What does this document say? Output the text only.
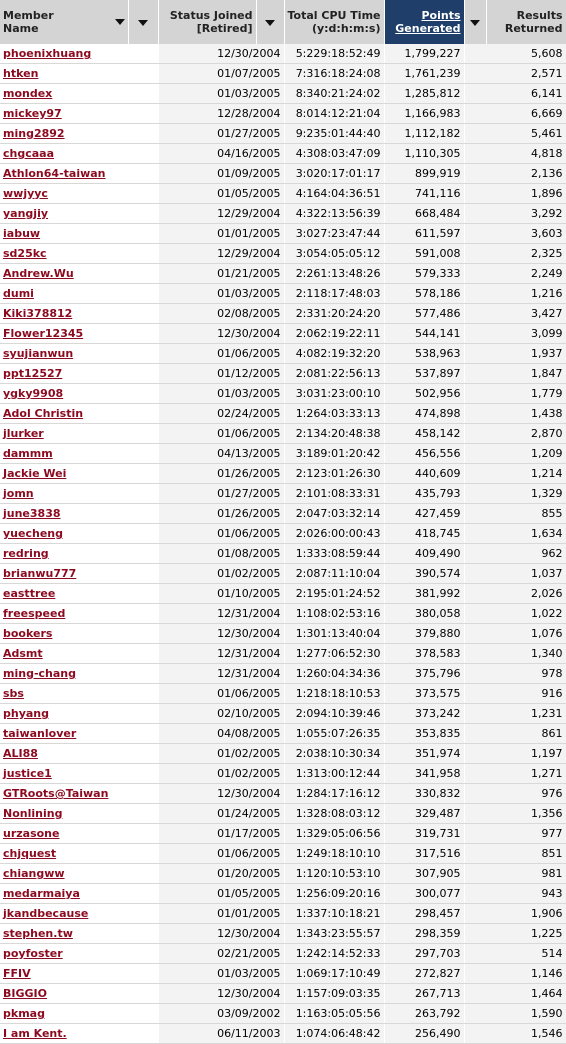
Member Name		Status Joined [Retired]		Total CPU Time (y:d:h:m:s)	Points Generated		Results Returned
phoenixhuang		12/30/2004		5:229:18:52:49	1,799,227	5,608	
htken		01/07/2005		7:316:18:24:08	1,761,239	2,571	
mondex		01/03/2005		8:340:21:24:02	1,285,812	6,141	
mickey97		12/28/2004		8:014:12:21:04	1,166,983	6,669	
ming2892		01/27/2005		9:235:01:44:40	1,112,182	5,461	
chgcaaa		04/16/2005		4:308:03:47:09	1,110,305	4,818	
Athlon64-taiwan		01/09/2005		3:020:17:01:17	899,919	2,136	
wwjyyc		01/05/2005		4:164:04:36:51	741,116	1,896	
yangjiy		12/29/2004		4:322:13:56:39	668,484	3,292	
iabuw		01/01/2005		3:027:23:47:44	611,597	3,603	
sd25kc		12/29/2004		3:054:05:05:12	591,008	2,325	
Andrew.Wu		01/21/2005		2:261:13:48:26	579,333	2,249	
dumi		01/03/2005		2:118:17:48:03	578,186	1,216	
Kiki378812		02/08/2005		2:331:20:24:20	577,486	3,427	
Flower12345		12/30/2004		2:062:19:22:11	544,141	3,099	
syujianwun		01/06/2005		4:082:19:32:20	538,963	1,937	
ppt12527		01/12/2005		2:081:22:56:13	537,897	1,847	
ygky9908		01/03/2005		3:031:23:00:10	502,956	1,779	
Adol Christin		02/24/2005		1:264:03:33:13	474,898	1,438	
jlurker		01/06/2005		2:134:20:48:38	458,142	2,870	
dammm		04/13/2005		3:189:01:20:42	456,556	1,209	
Jackie Wei		01/26/2005		2:123:01:26:30	440,609	1,214	
jomn		01/27/2005		2:101:08:33:31	435,793	1,329	
june3838		01/26/2005		2:047:03:32:14	427,459	855	
yuecheng		01/06/2005		2:026:00:00:43	418,745	1,634	
redring		01/08/2005		1:333:08:59:44	409,490	962	
brianwu777		01/02/2005		2:087:11:10:04	390,574	1,037	
easttree		01/10/2005		2:195:01:24:52	381,992	2,026	
freespeed		12/31/2004		1:108:02:53:16	380,058	1,022	
bookers		12/30/2004		1:301:13:40:04	379,880	1,076	
Adsmt		12/31/2004		1:277:06:52:30	378,583	1,340	
ming-chang		12/31/2004		1:260:04:34:36	375,796	978	
sbs		01/06/2005		1:218:18:10:53	373,575	916	
phyang		02/10/2005		2:094:10:39:46	373,242	1,231	
taiwanlover		04/08/2005		1:055:07:26:35	353,835	861	
ALI88		01/02/2005		2:038:10:30:34	351,974	1,197	
justice1		01/02/2005		1:313:00:12:44	341,958	1,271	
GTRoots@Taiwan		12/30/2004		1:284:17:16:12	330,832	976	
Nonlining		01/24/2005		1:328:08:03:12	329,487	1,356	
urzasone		01/17/2005		1:329:05:06:56	319,731	977	
chjquest		01/06/2005		1:249:18:10:10	317,516	851	
chiangww		01/20/2005		1:120:10:53:10	307,905	981	
medarmaiya		01/05/2005		1:256:09:20:16	300,077	943	
jkandbecause		01/01/2005		1:337:10:18:21	298,457	1,906	
stephen.tw		12/30/2004		1:343:23:55:57	298,359	1,225	
poyfoster		02/21/2005		1:242:14:52:33	297,703	514	
FFIV		01/03/2005		1:069:17:10:49	272,827	1,146	
BIGGIO		12/30/2004		1:157:09:03:35	267,713	1,464	
pkmag		03/09/2002		1:163:05:05:56	263,792	1,590	
I am Kent.		06/11/2003		1:074:06:48:42	256,490	1,546	
